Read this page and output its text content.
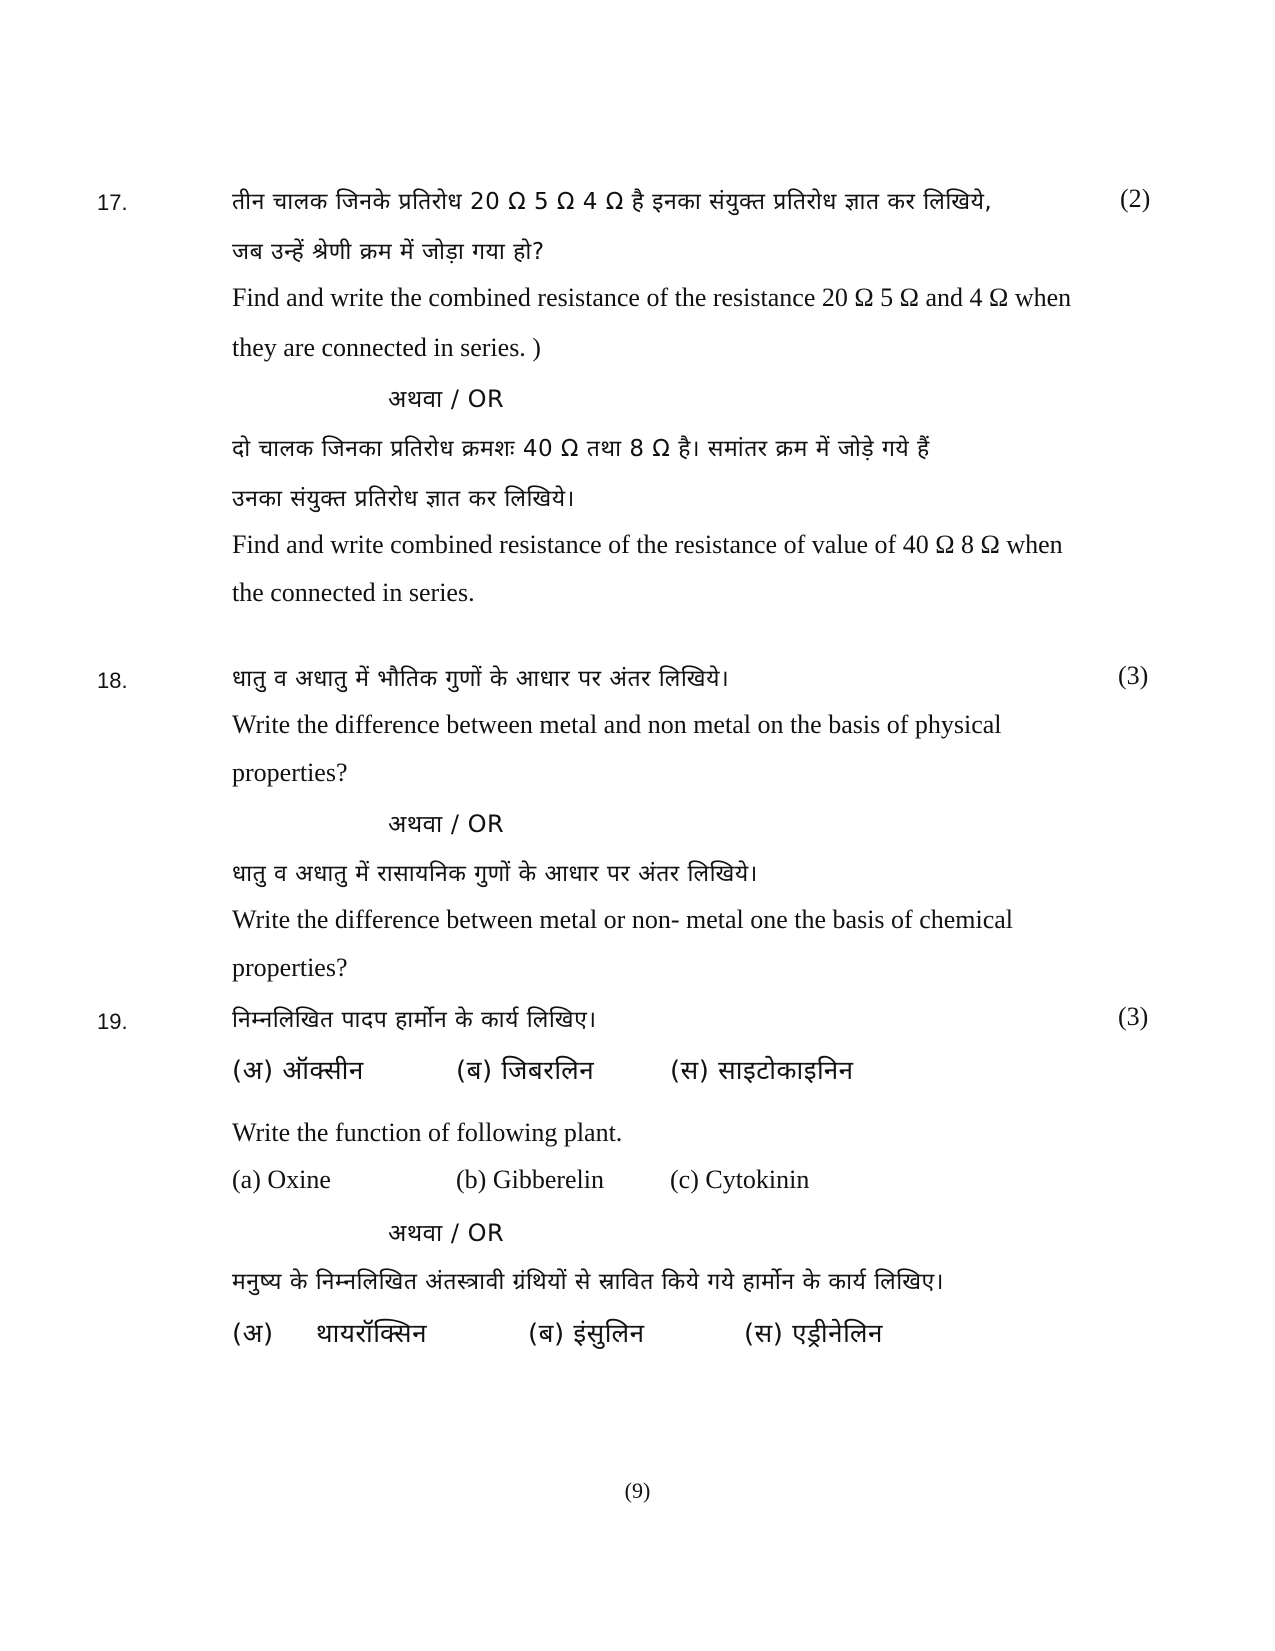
17.	तीन चालक जिनके प्रतिरोध 20 Ω 5 Ω 4 Ω है इनका संयुक्त प्रतिरोध ज्ञात कर लिखिये,	(2)
जब उन्हें श्रेणी क्रम में जोड़ा गया हो?
Find and write the combined resistance of the resistance 20 Ω 5 Ω and 4 Ω when
they are connected in series. )
अथवा / OR
दो चालक जिनका प्रतिरोध क्रमशः 40 Ω तथा 8 Ω है। समांतर क्रम में जोड़े गये हैं
उनका संयुक्त प्रतिरोध ज्ञात कर लिखिये।
Find and write combined resistance of the resistance of value of 40 Ω 8 Ω when
the connected in series.
18.	धातु व अधातु में भौतिक गुणों के आधार पर अंतर लिखिये।	(3)
Write the difference between metal and non metal on the basis of physical
properties?
अथवा / OR
धातु व अधातु में रासायनिक गुणों के आधार पर अंतर लिखिये।
Write the difference between metal or non- metal one the basis of chemical
properties?
19.	निम्नलिखित पादप हार्मोन के कार्य लिखिए।	(3)
(अ) ऑक्सीन	(ब) जिबरलिन	(स) साइटोकाइनिन
Write the function of following plant.
(a) Oxine	(b) Gibberelin	(c) Cytokinin
अथवा / OR
मनुष्य के निम्नलिखित अंतस्त्रावी ग्रंथियों से स्रावित किये गये हार्मोन के कार्य लिखिए।
(अ) थायरॉक्सिन	(ब) इंसुलिन	(स) एड्रीनेलिन
(9)
